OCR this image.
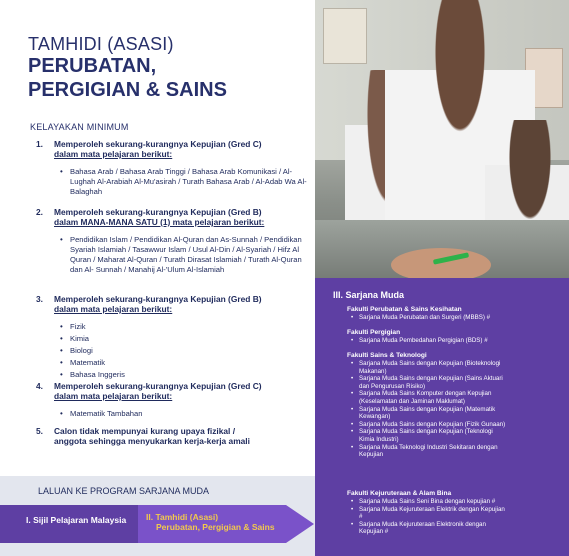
TAMHIDI (ASASI)
PERUBATAN,
PERGIGIAN & SAINS
KELAYAKAN MINIMUM
1. Memperoleh sekurang-kurangnya Kepujian (Gred C)
dalam mata pelajaran berikut:
• Bahasa Arab / Bahasa Arab Tinggi / Bahasa Arab Komunikasi / Al-Lughah Al-Arabiah Al-Mu'asirah / Turath Bahasa Arab / Al-Adab Wa Al-Balaghah
2. Memperoleh sekurang-kurangnya Kepujian (Gred B)
dalam MANA-MANA SATU (1) mata pelajaran berikut:
• Pendidikan Islam / Pendidikan Al-Quran dan As-Sunnah / Pendidikan Syariah Islamiah / Tasawwur Islam / Usul Al-Din / Al-Syariah / Hifz Al Quran / Maharat Al-Quran / Turath Dirasat Islamiah / Turath Al-Quran dan Al- Sunnah / Manahij Al-'Ulum Al-Islamiah
3. Memperoleh sekurang-kurangnya Kepujian (Gred B)
dalam mata pelajaran berikut:
• Fizik
• Kimia
• Biologi
• Matematik
• Bahasa Inggeris
4. Memperoleh sekurang-kurangnya Kepujian (Gred C)
dalam mata pelajaran berikut:
• Matematik Tambahan
5. Calon tidak mempunyai kurang upaya fizikal /
anggota sehingga menyukarkan kerja-kerja amali
III. Sarjana Muda
Fakulti Perubatan & Sains Kesihatan
• Sarjana Muda Perubatan dan Surgeri (MBBS) #
Fakulti Pergigian
• Sarjana Muda Pembedahan Pergigian (BDS) #
Fakulti Sains & Teknologi
• Sarjana Muda Sains dengan Kepujian (Bioteknologi Makanan)
• Sarjana Muda Sains dengan Kepujian (Sains Aktuari dan Pengurusan Risiko)
• Sarjana Muda Sains Komputer dengan Kepujian (Keselamatan dan Jaminan Maklumat)
• Sarjana Muda Sains dengan Kepujian (Matematik Kewangan)
• Sarjana Muda Sains dengan Kepujian (Fizik Gunaan)
• Sarjana Muda Sains dengan Kepujian (Teknologi Kimia Industri)
• Sarjana Muda Teknologi Industri Sekitaran dengan Kepujian
Fakulti Kejuruteraan & Alam Bina
• Sarjana Muda Sains Seni Bina dengan kepujian #
• Sarjana Muda Kejuruteraan Elektrik dengan Kepujian #
• Sarjana Muda Kejuruteraan Elektronik dengan Kepujian #
LALUAN KE PROGRAM SARJANA MUDA
I. Sijil Pelajaran Malaysia II. Tamhidi (Asasi)
Perubatan, Pergigian & Sains
